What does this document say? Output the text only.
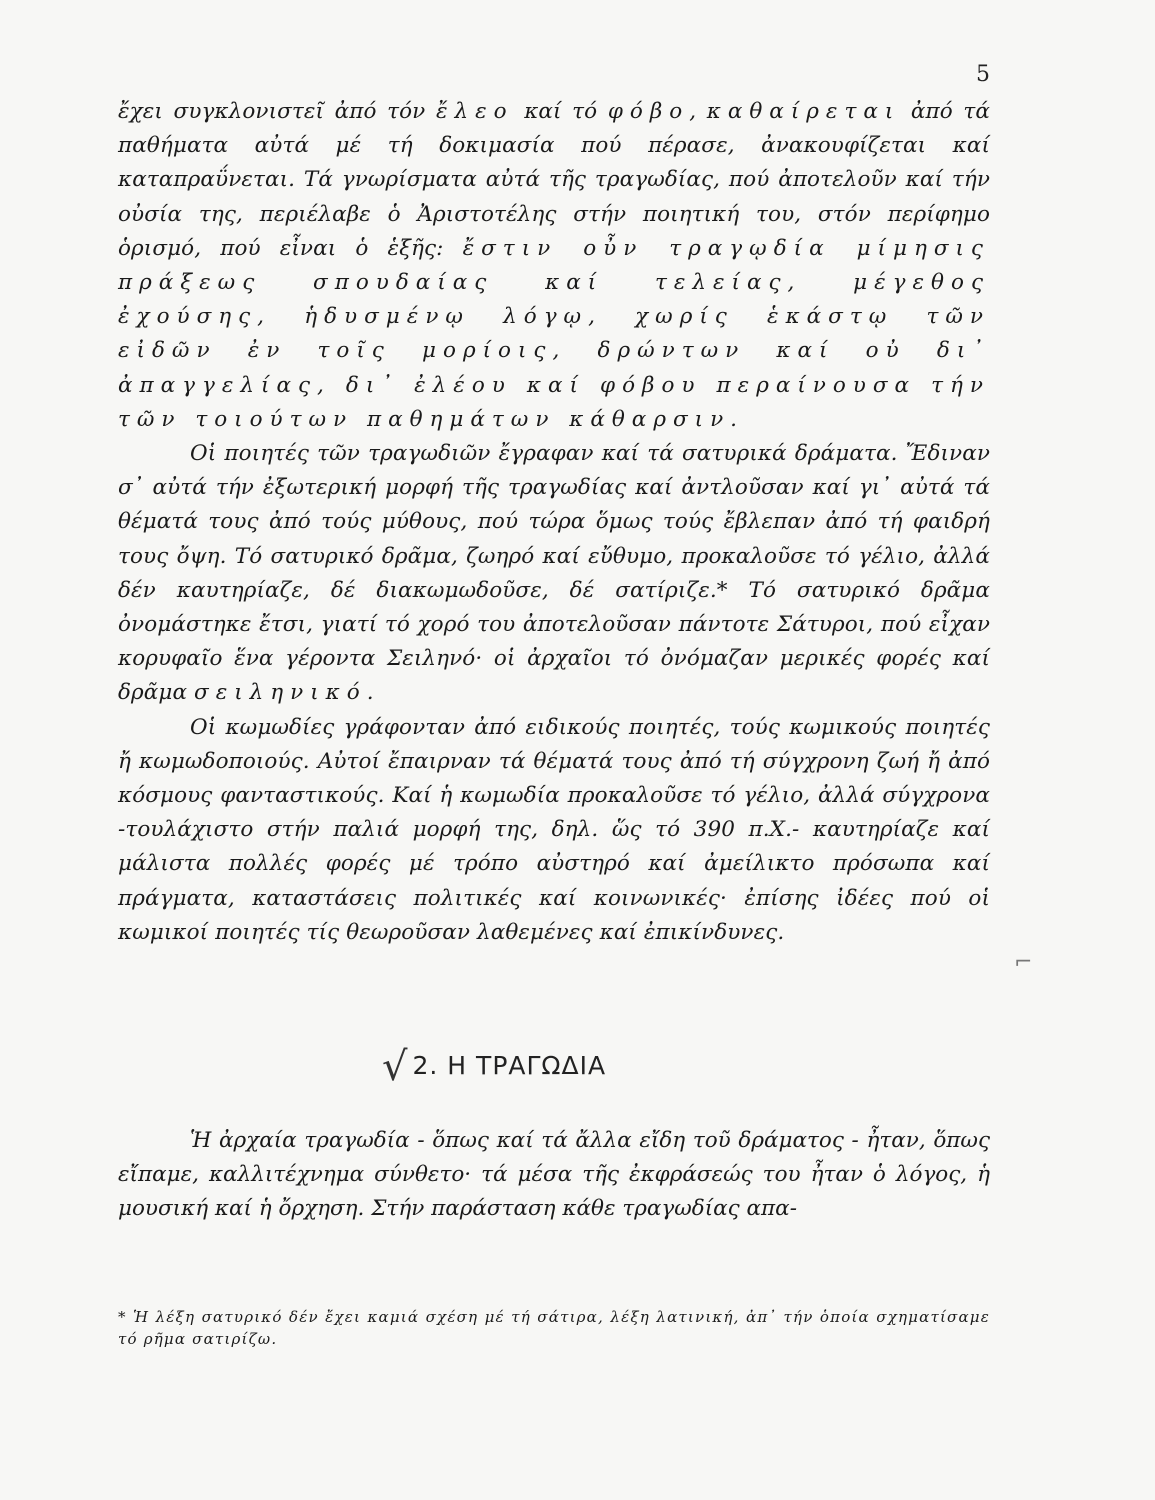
5
⌐

ἔχει συγκλονιστεῖ ἀπό τόν ἔλεο καί τό φόβο, καθαίρεται ἀπό τά παθήματα αὐτά μέ τή δοκιμασία πού πέρασε, ἀνακουφίζεται καί καταπραΰνεται. Τά γνωρίσματα αὐτά τῆς τραγωδίας, πού ἀποτελοῦν καί τήν οὐσία της, περιέλαβε ὁ Ἀριστοτέλης στήν ποιητική του, στόν περίφημο ὁρισμό, πού εἶναι ὁ ἑξῆς: ἔστιν οὖν τραγῳδία μίμησις πράξεως σπουδαίας καί τελείας, μέγεθος ἐχούσης, ἡδυσμένῳ λόγῳ, χωρίς ἑκάστῳ τῶν εἰδῶν ἐν τοῖς μορίοις, δρώντων καί οὐ δι᾽ ἀπαγγελίας, δι᾽ ἐλέου καί φόβου περαίνουσα τήν τῶν τοιούτων παθημάτων κάθαρσιν.

Οἱ ποιητές τῶν τραγωδιῶν ἔγραφαν καί τά σατυρικά δράματα. Ἔδιναν σ᾽ αὐτά τήν ἐξωτερική μορφή τῆς τραγωδίας καί ἀντλοῦσαν καί γι᾽ αὐτά τά θέματά τους ἀπό τούς μύθους, πού τώρα ὅμως τούς ἔβλεπαν ἀπό τή φαιδρή τους ὄψη. Τό σατυρικό δρᾶμα, ζωηρό καί εὔθυμο, προκαλοῦσε τό γέλιο, ἀλλά δέν καυτηρίαζε, δέ διακωμωδοῦσε, δέ σατίριζε.* Τό σατυρικό δρᾶμα ὀνομάστηκε ἔτσι, γιατί τό χορό του ἀποτελοῦσαν πάντοτε Σάτυροι, πού εἶχαν κορυφαῖο ἕνα γέροντα Σειληνό· οἱ ἀρχαῖοι τό ὀνόμαζαν μερικές φορές καί δρᾶμα σειληνικό.

Οἱ κωμωδίες γράφονταν ἀπό ειδικούς ποιητές, τούς κωμικούς ποιητές ἤ κωμωδοποιούς. Αὐτοί ἔπαιρναν τά θέματά τους ἀπό τή σύγχρονη ζωή ἤ ἀπό κόσμους φανταστικούς. Καί ἡ κωμωδία προκαλοῦσε τό γέλιο, ἀλλά σύγχρονα -τουλάχιστο στήν παλιά μορφή της, δηλ. ὥς τό 390 π.Χ.- καυτηρίαζε καί μάλιστα πολλές φορές μέ τρόπο αὐστηρό καί ἀμείλικτο πρόσωπα καί πράγματα, καταστάσεις πολιτικές καί κοινωνικές· ἐπίσης ἰδέες πού οἱ κωμικοί ποιητές τίς θεωροῦσαν λαθεμένες καί ἐπικίνδυνες.

√ 2. Η ΤΡΑΓΩΔΙΑ

Ἡ ἀρχαία τραγωδία - ὅπως καί τά ἄλλα εἴδη τοῦ δράματος - ἦταν, ὅπως εἴπαμε, καλλιτέχνημα σύνθετο· τά μέσα τῆς ἐκφράσεώς του ἦταν ὁ λόγος, ἡ μουσική καί ἡ ὄρχηση. Στήν παράσταση κάθε τραγωδίας απα-

* Ἡ λέξη σατυρικό δέν ἔχει καμιά σχέση μέ τή σάτιρα, λέξη λατινική, ἀπ᾽ τήν ὁποία σχηματίσαμε τό ρῆμα σατιρίζω.
